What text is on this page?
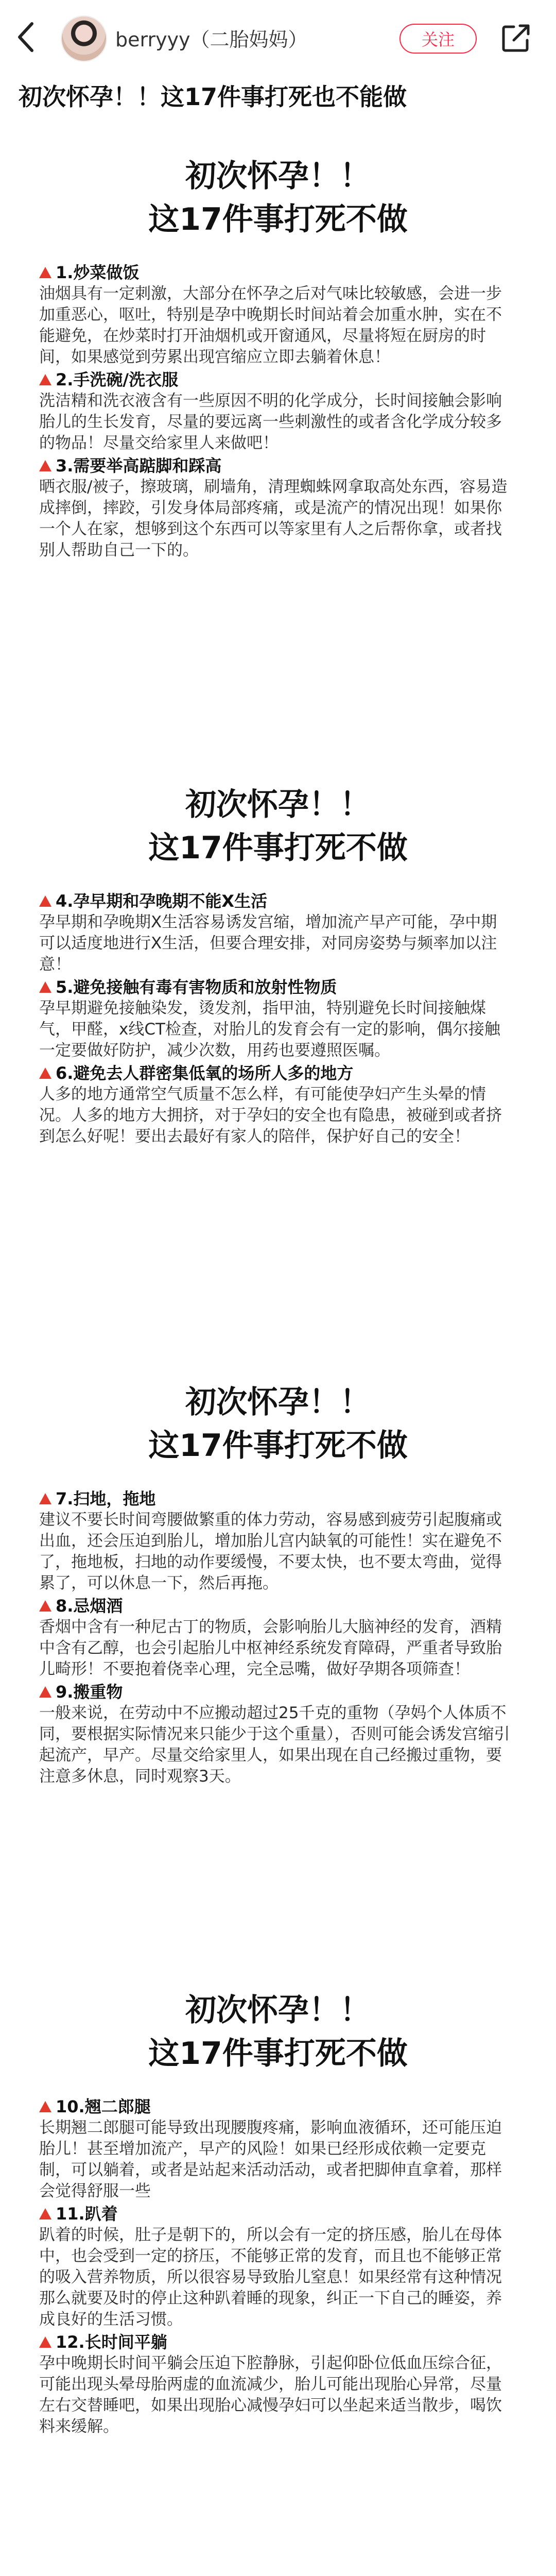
berryyy（二胎妈妈）	关注
初次怀孕！！这17件事打死也不能做
初次怀孕！！
这17件事打死不做
1.炒菜做饭
油烟具有一定刺激，大部分在怀孕之后对气味比较敏感，会进一步加重恶心，呕吐，特别是孕中晚期长时间站着会加重水肿，实在不能避免，在炒菜时打开油烟机或开窗通风，尽量将短在厨房的时间，如果感觉到劳累出现宫缩应立即去躺着休息！
2.手洗碗/洗衣服
洗洁精和洗衣液含有一些原因不明的化学成分，长时间接触会影响胎儿的生长发育，尽量的要远离一些刺激性的或者含化学成分较多的物品！尽量交给家里人来做吧！
3.需要举高踮脚和踩高
晒衣服/被子，擦玻璃，刷墙角，清理蜘蛛网拿取高处东西，容易造成摔倒，摔跤，引发身体局部疼痛，或是流产的情况出现！如果你一个人在家，想够到这个东西可以等家里有人之后帮你拿，或者找别人帮助自己一下的。
初次怀孕！！
这17件事打死不做
4.孕早期和孕晚期不能X生活
孕早期和孕晚期X生活容易诱发宫缩，增加流产早产可能，孕中期可以适度地进行X生活，但要合理安排，对同房姿势与频率加以注意！
5.避免接触有毒有害物质和放射性物质
孕早期避免接触染发，烫发剂，指甲油，特别避免长时间接触煤气，甲醛，x线CT检查，对胎儿的发育会有一定的影响，偶尔接触一定要做好防护，减少次数，用药也要遵照医嘱。
6.避免去人群密集低氧的场所人多的地方
人多的地方通常空气质量不怎么样，有可能使孕妇产生头晕的情况。人多的地方大拥挤，对于孕妇的安全也有隐患，被碰到或者挤到怎么好呢！要出去最好有家人的陪伴，保护好自己的安全！
初次怀孕！！
这17件事打死不做
7.扫地，拖地
建议不要长时间弯腰做繁重的体力劳动，容易感到疲劳引起腹痛或出血，还会压迫到胎儿，增加胎儿宫内缺氧的可能性！实在避免不了，拖地板，扫地的动作要缓慢，不要太快，也不要太弯曲，觉得累了，可以休息一下，然后再拖。
8.忌烟酒
香烟中含有一种尼古丁的物质，会影响胎儿大脑神经的发育，酒精中含有乙醇，也会引起胎儿中枢神经系统发育障碍，严重者导致胎儿畸形！不要抱着侥幸心理，完全忌嘴，做好孕期各项筛查！
9.搬重物
一般来说，在劳动中不应搬动超过25千克的重物（孕妈个人体质不同，要根据实际情况来只能少于这个重量），否则可能会诱发宫缩引起流产，早产。尽量交给家里人，如果出现在自己经搬过重物，要注意多休息，同时观察3天。
初次怀孕！！
这17件事打死不做
10.翘二郎腿
长期翘二郎腿可能导致出现腰腹疼痛，影响血液循环，还可能压迫胎儿！甚至增加流产，早产的风险！如果已经形成依赖一定要克制，可以躺着，或者是站起来活动活动，或者把脚伸直拿着，那样会觉得舒服一些
11.趴着
趴着的时候，肚子是朝下的，所以会有一定的挤压感，胎儿在母体中，也会受到一定的挤压，不能够正常的发育，而且也不能够正常的吸入营养物质，所以很容易导致胎儿窒息！如果经常有这种情况那么就要及时的停止这种趴着睡的现象，纠正一下自己的睡姿，养成良好的生活习惯。
12.长时间平躺
孕中晚期长时间平躺会压迫下腔静脉，引起仰卧位低血压综合征，可能出现头晕母胎两虚的血流减少，胎儿可能出现胎心异常，尽量左右交替睡吧，如果出现胎心减慢孕妇可以坐起来适当散步，喝饮料来缓解。
